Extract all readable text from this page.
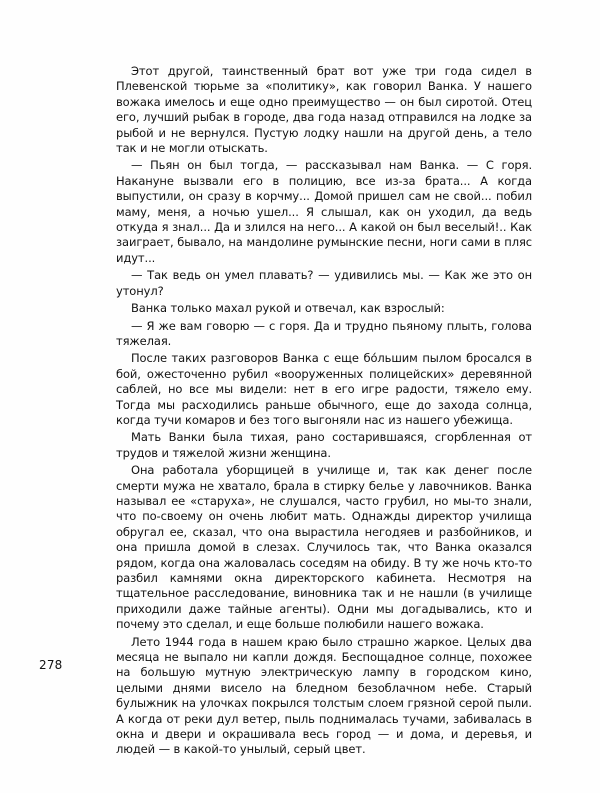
Этот другой, таинственный брат вот уже три года сидел в Плевенской тюрьме за «политику», как говорил Ванка. У нашего вожака имелось и еще одно преимущество — он был сиротой. Отец его, лучший рыбак в городе, два года назад отправился на лодке за рыбой и не вернулся. Пустую лодку нашли на другой день, а тело так и не могли отыскать.

— Пьян он был тогда, — рассказывал нам Ванка. — С горя. Накануне вызвали его в полицию, все из-за брата... А когда выпустили, он сразу в корчму... Домой пришел сам не свой... побил маму, меня, а ночью ушел... Я слышал, как он уходил, да ведь откуда я знал... Да и злился на него... А какой он был веселый!.. Как заиграет, бывало, на мандолине румынские песни, ноги сами в пляс идут...

— Так ведь он умел плавать? — удивились мы. — Как же это он утонул?

Ванка только махал рукой и отвечал, как взрослый:

— Я же вам говорю — с горя. Да и трудно пьяному плыть, голова тяжелая.

После таких разговоров Ванка с еще бо́льшим пылом бросался в бой, ожесточенно рубил «вооруженных полицейских» деревянной саблей, но все мы видели: нет в его игре радости, тяжело ему. Тогда мы расходились раньше обычного, еще до захода солнца, когда тучи комаров и без того выгоняли нас из нашего убежища.

Мать Ванки была тихая, рано состарившаяся, сгорбленная от трудов и тяжелой жизни женщина.

Она работала уборщицей в училище и, так как денег после смерти мужа не хватало, брала в стирку белье у лавочников. Ванка называл ее «старуха», не слушался, часто грубил, но мы-то знали, что по-своему он очень любит мать. Однажды директор училища обругал ее, сказал, что она вырастила негодяев и разбойников, и она пришла домой в слезах. Случилось так, что Ванка оказался рядом, когда она жаловалась соседям на обиду. В ту же ночь кто-то разбил камнями окна директорского кабинета. Несмотря на тщательное расследование, виновника так и не нашли (в училище приходили даже тайные агенты). Одни мы догадывались, кто и почему это сделал, и еще больше полюбили нашего вожака.

Лето 1944 года в нашем краю было страшно жаркое. Целых два месяца не выпало ни капли дождя. Беспощадное солнце, похожее на большую мутную электрическую лампу в городском кино, целыми днями висело на бледном безоблачном небе. Старый булыжник на улочках покрылся толстым слоем грязной серой пыли. А когда от реки дул ветер, пыль поднималась тучами, забивалась в окна и двери и окрашивала весь город — и дома, и деревья, и людей — в какой-то унылый, серый цвет.

278
